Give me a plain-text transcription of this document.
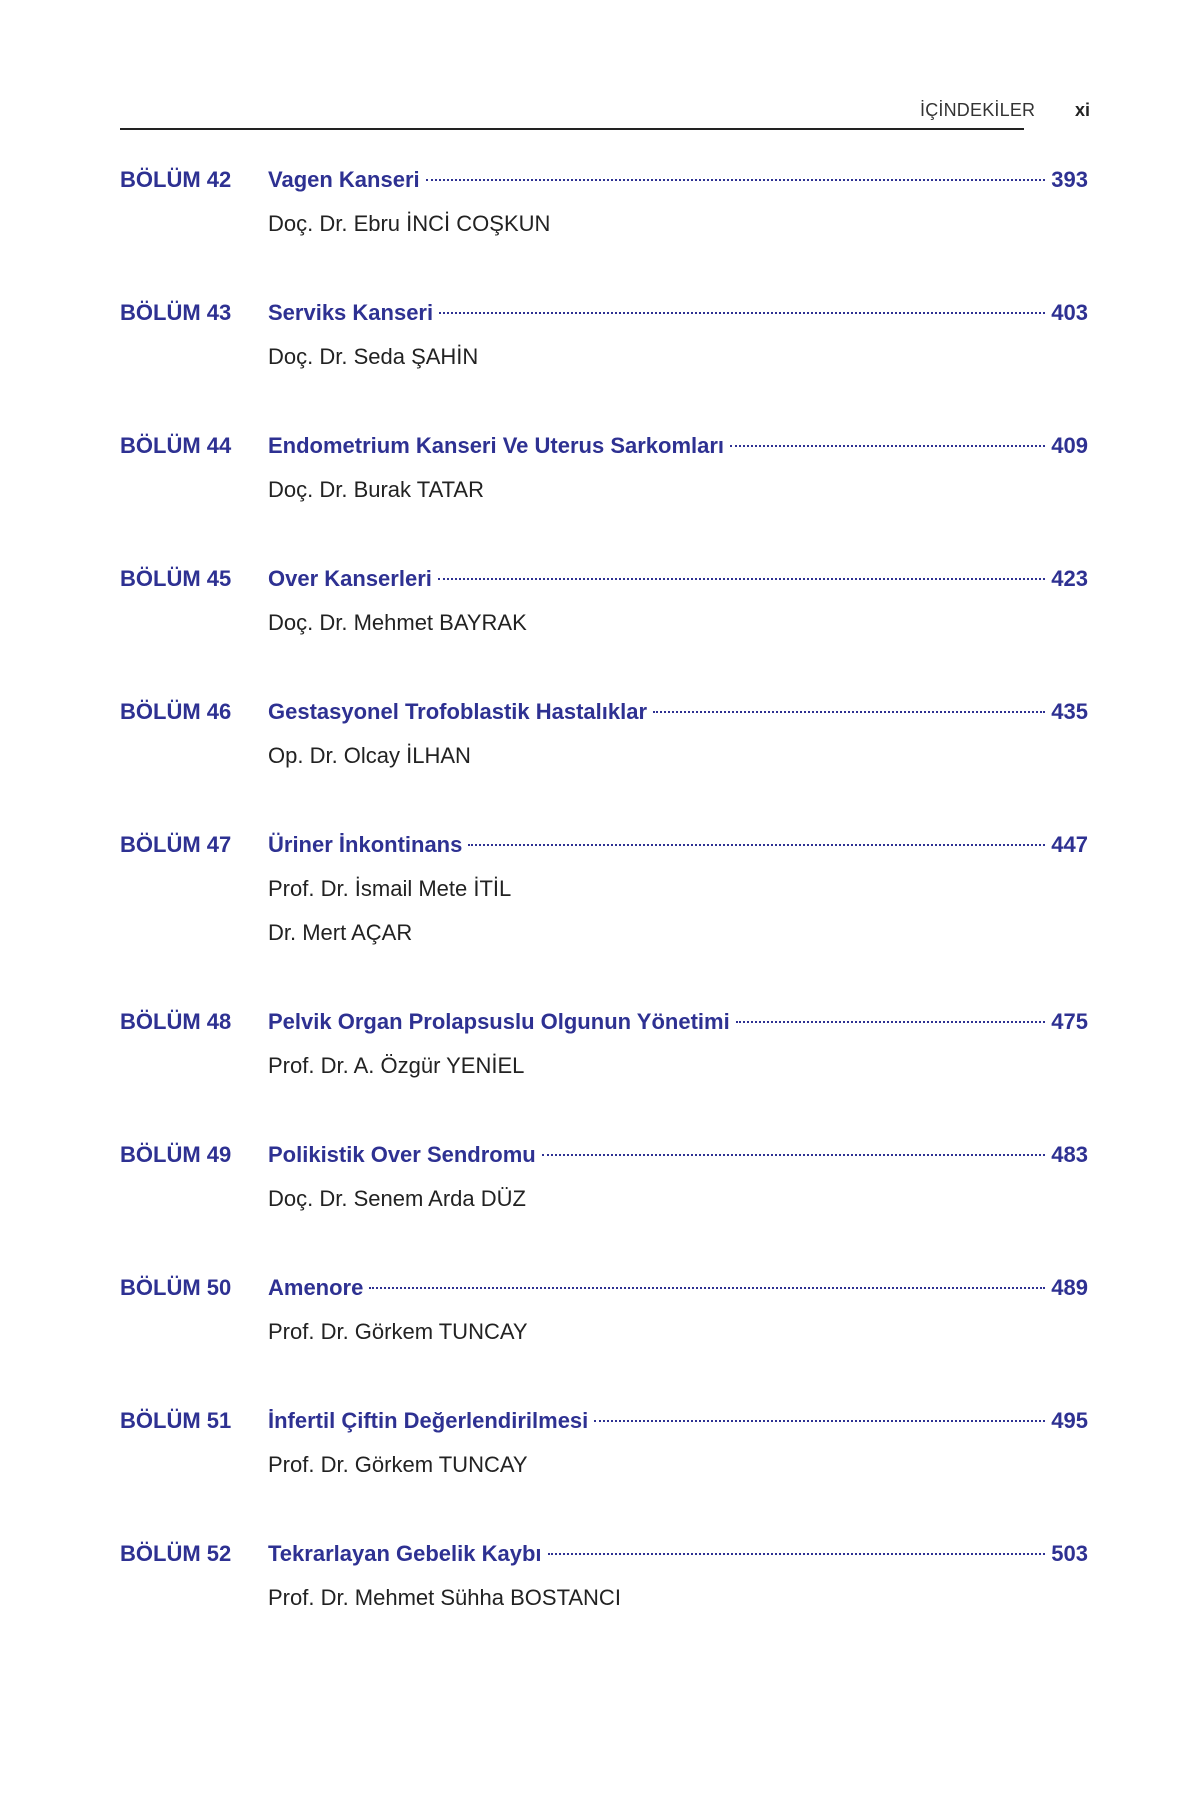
İÇİNDEKİLER xi
BÖLÜM 42	Vagen Kanseri	393
Doç. Dr. Ebru İNCİ COŞKUN
BÖLÜM 43	Serviks Kanseri	403
Doç. Dr. Seda ŞAHİN
BÖLÜM 44	Endometrium Kanseri Ve Uterus Sarkomları	409
Doç. Dr. Burak TATAR
BÖLÜM 45	Over Kanserleri	423
Doç. Dr. Mehmet BAYRAK
BÖLÜM 46	Gestasyonel Trofoblastik Hastalıklar	435
Op. Dr. Olcay İLHAN
BÖLÜM 47	Üriner İnkontinans	447
Prof. Dr. İsmail Mete İTİL
Dr. Mert AÇAR
BÖLÜM 48	Pelvik Organ Prolapsuslu Olgunun Yönetimi	475
Prof. Dr. A. Özgür YENİEL
BÖLÜM 49	Polikistik Over Sendromu	483
Doç. Dr. Senem Arda DÜZ
BÖLÜM 50	Amenore	489
Prof. Dr. Görkem TUNCAY
BÖLÜM 51	İnfertil Çiftin Değerlendirilmesi	495
Prof. Dr. Görkem TUNCAY
BÖLÜM 52	Tekrarlayan Gebelik Kaybı	503
Prof. Dr. Mehmet Sühha BOSTANCI
